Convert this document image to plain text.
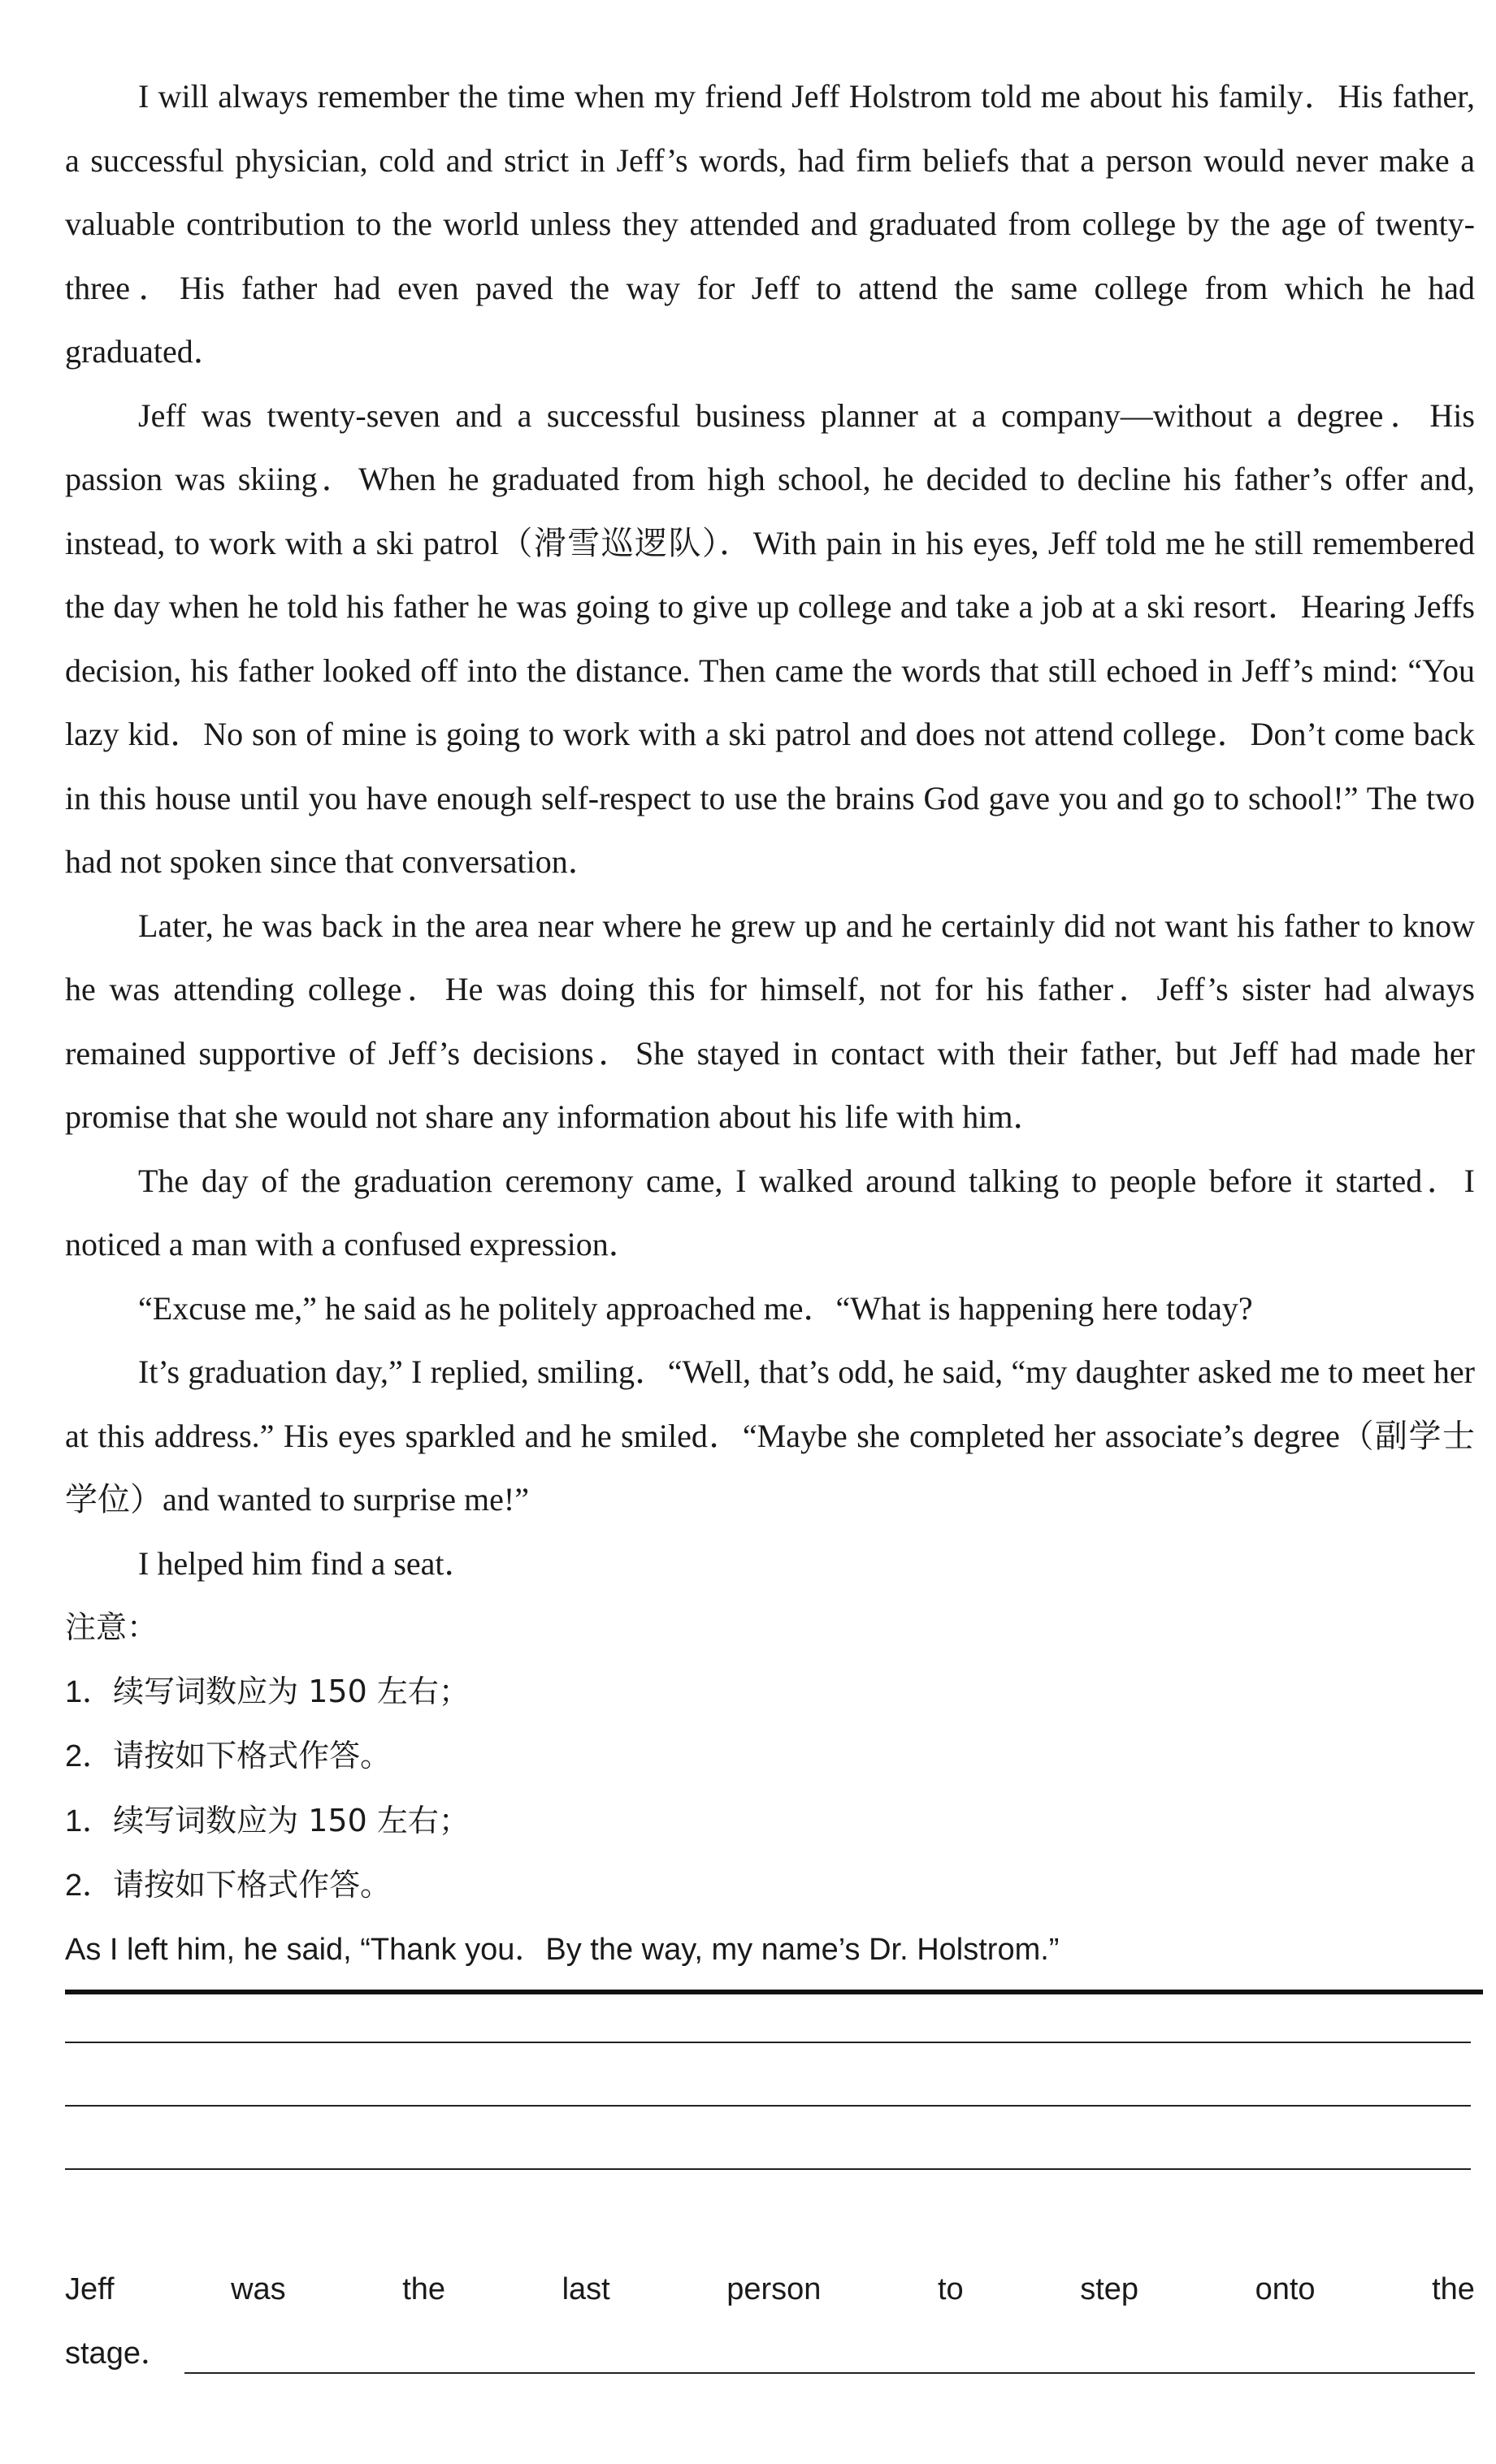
I will always remember the time when my friend Jeff Holstrom told me about his family．His father, a successful physician, cold and strict in Jeff’s words, had firm beliefs that a person would never make a valuable contribution to the world unless they attended and graduated from college by the age of twenty-three．His father had even paved the way for Jeff to attend the same college from which he had graduated．

Jeff was twenty-seven and a successful business planner at a company—without a degree．His passion was skiing．When he graduated from high school, he decided to decline his father’s offer and, instead, to work with a ski patrol（滑雪巡逻队）．With pain in his eyes, Jeff told me he still remembered the day when he told his father he was going to give up college and take a job at a ski resort．Hearing Jeffs decision, his father looked off into the distance. Then came the words that still echoed in Jeff’s mind: “You lazy kid．No son of mine is going to work with a ski patrol and does not attend college．Don’t come back in this house until you have enough self-respect to use the brains God gave you and go to school!” The two had not spoken since that conversation．

Later, he was back in the area near where he grew up and he certainly did not want his father to know he was attending college．He was doing this for himself, not for his father．Jeff’s sister had always remained supportive of Jeff’s decisions．She stayed in contact with their father, but Jeff had made her promise that she would not share any information about his life with him．

The day of the graduation ceremony came, I walked around talking to people before it started．I noticed a man with a confused expression．

“Excuse me,” he said as he politely approached me．“What is happening here today?

It’s graduation day,” I replied, smiling．“Well, that’s odd, he said, “my daughter asked me to meet her at this address.” His eyes sparkled and he smiled．“Maybe she completed her associate’s degree（副学士学位）and wanted to surprise me!”

I helped him find a seat．

注意：

1．续写词数应为 150 左右；

2．请按如下格式作答。

1．续写词数应为 150 左右；

2．请按如下格式作答。

As I left him, he said, “Thank you．By the way, my name’s Dr. Holstrom.”

Jeff	was	the	last	person	to	step	onto	the
stage．
